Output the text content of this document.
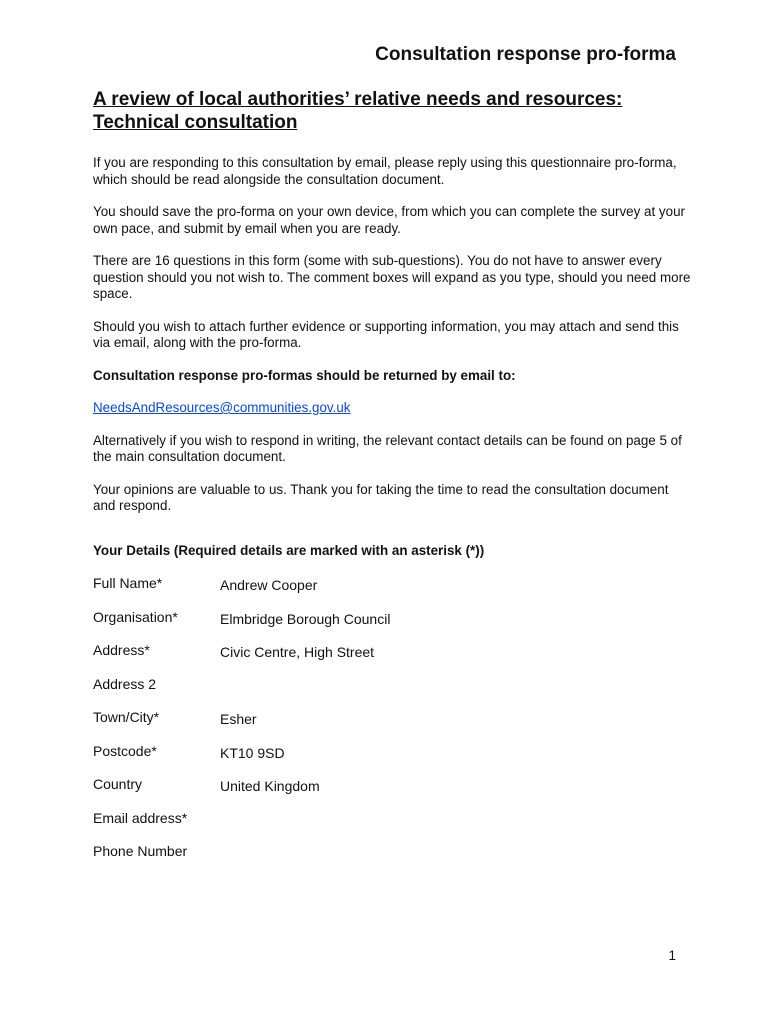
Consultation response pro-forma
A review of local authorities’ relative needs and resources:
Technical consultation

If you are responding to this consultation by email, please reply using this questionnaire pro-forma, which should be read alongside the consultation document.

You should save the pro-forma on your own device, from which you can complete the survey at your own pace, and submit by email when you are ready.

There are 16 questions in this form (some with sub-questions). You do not have to answer every question should you not wish to. The comment boxes will expand as you type, should you need more space.

Should you wish to attach further evidence or supporting information, you may attach and send this via email, along with the pro-forma.

Consultation response pro-formas should be returned by email to:

NeedsAndResources@communities.gov.uk

Alternatively if you wish to respond in writing, the relevant contact details can be found on page 5 of the main consultation document.

Your opinions are valuable to us. Thank you for taking the time to read the consultation document and respond.

Your Details (Required details are marked with an asterisk (*))
Full Name*	Andrew Cooper
Organisation*	Elmbridge Borough Council
Address*	Civic Centre, High Street
Address 2
Town/City*	Esher
Postcode*	KT10 9SD
Country	United Kingdom
Email address*
Phone Number
1
